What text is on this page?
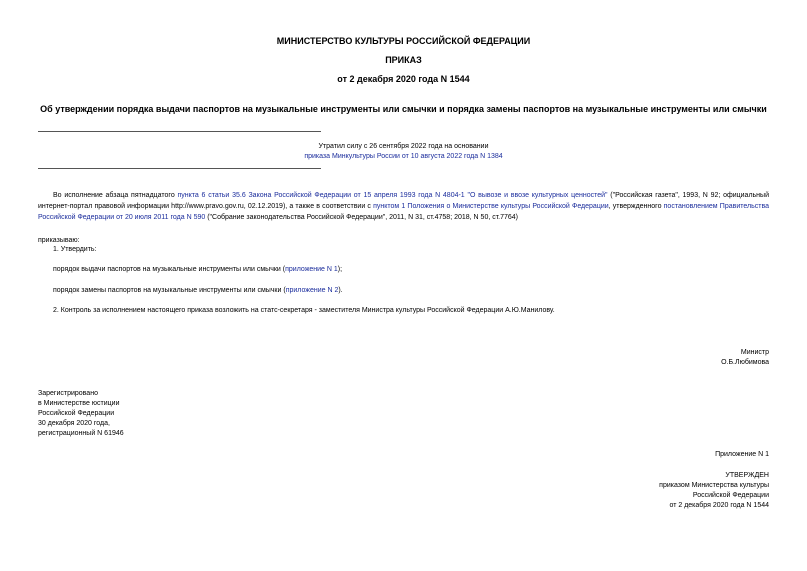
МИНИСТЕРСТВО КУЛЬТУРЫ РОССИЙСКОЙ ФЕДЕРАЦИИ
ПРИКАЗ
от 2 декабря 2020 года N 1544
Об утверждении порядка выдачи паспортов на музыкальные инструменты или смычки и порядка замены паспортов на музыкальные инструменты или смычки
Утратил силу с 26 сентября 2022 года на основании
приказа Минкультуры России от 10 августа 2022 года N 1384
Во исполнение абзаца пятнадцатого пункта 6 статьи 35.6 Закона Российской Федерации от 15 апреля 1993 года N 4804-1 "О вывозе и ввозе культурных ценностей" ("Российская газета", 1993, N 92; официальный интернет-портал правовой информации http://www.pravo.gov.ru, 02.12.2019), а также в соответствии с пунктом 1 Положения о Министерстве культуры Российской Федерации, утвержденного постановлением Правительства Российской Федерации от 20 июля 2011 года N 590 ("Собрание законодательства Российской Федерации", 2011, N 31, ст.4758; 2018, N 50, ст.7764)
приказываю:
1. Утвердить:
порядок выдачи паспортов на музыкальные инструменты или смычки (приложение N 1);
порядок замены паспортов на музыкальные инструменты или смычки (приложение N 2).
2. Контроль за исполнением настоящего приказа возложить на статс-секретаря - заместителя Министра культуры Российской Федерации А.Ю.Манилову.
Министр
О.Б.Любимова
Зарегистрировано
в Министерстве юстиции
Российской Федерации
30 декабря 2020 года,
регистрационный N 61946
Приложение N 1
УТВЕРЖДЕН
приказом Министерства культуры
Российской Федерации
от 2 декабря 2020 года N 1544
